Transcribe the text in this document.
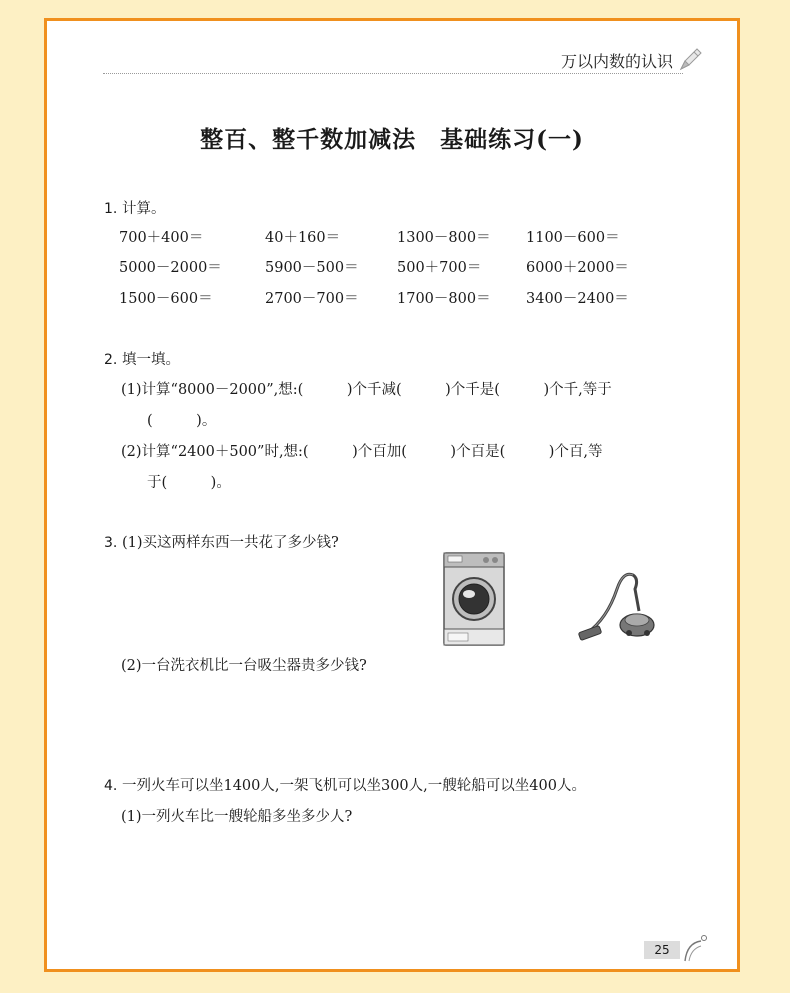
万以内数的认识
整百、整千数加减法　基础练习(一)
1. 计算。
700＋400＝	40＋160＝	1300－800＝ 1100－600＝
5000－2000＝	5900－500＝	500＋700＝	6000＋2000＝
1500－600＝	2700－700＝	1700－800＝ 3400－2400＝
2. 填一填。
(1)计算“8000－2000”,想:(　　　)个千减(　　　)个千是(　　　)个千,等于
(　　　)。
(2)计算“2400＋500”时,想:(　　　)个百加(　　　)个百是(　　　)个百,等
于(　　　)。
3. (1)买这两样东西一共花了多少钱?
(2)一台洗衣机比一台吸尘器贵多少钱?
4. 一列火车可以坐1400人,一架飞机可以坐300人,一艘轮船可以坐400人。
(1)一列火车比一艘轮船多坐多少人?
25
